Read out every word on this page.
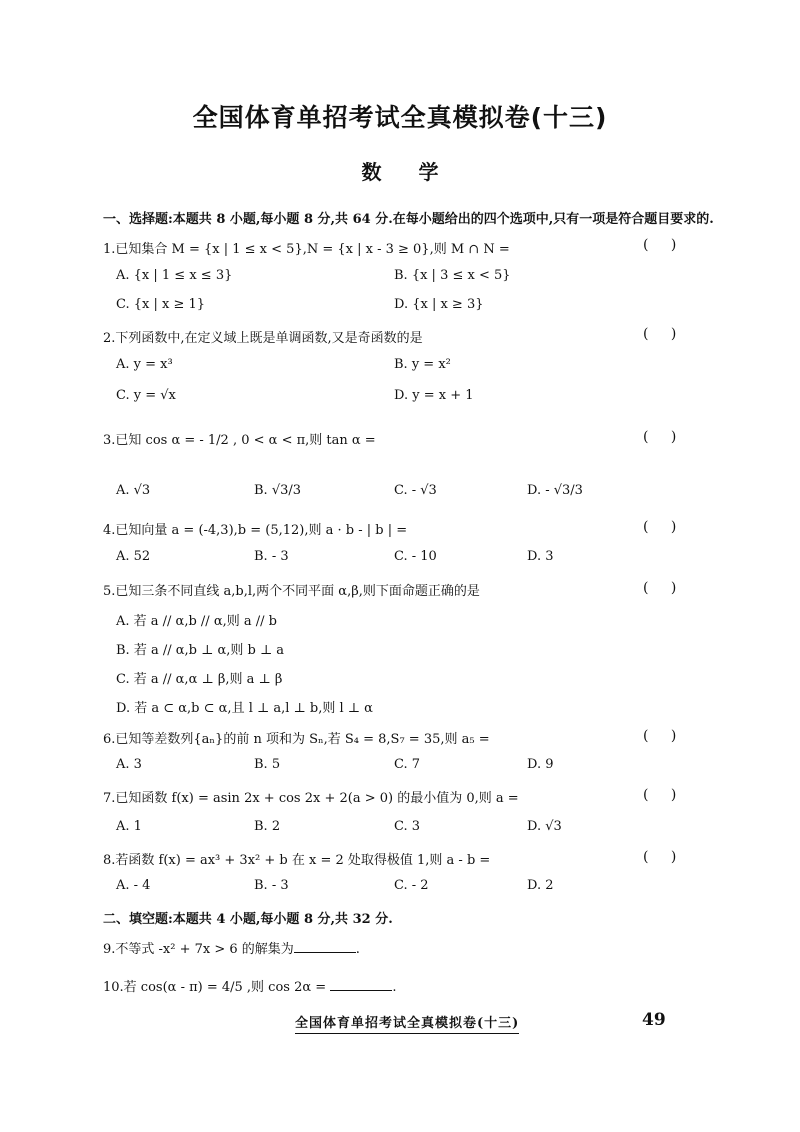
全国体育单招考试全真模拟卷(十三)
数 学
一、选择题:本题共 8 小题,每小题 8 分,共 64 分.在每小题给出的四个选项中,只有一项是符合题目要求的.
1.已知集合 M = {x | 1 ≤ x < 5},N = {x | x - 3 ≥ 0},则 M ∩ N =	( )
A. {x | 1 ≤ x ≤ 3}	B. {x | 3 ≤ x < 5}
C. {x | x ≥ 1}	D. {x | x ≥ 3}
2.下列函数中,在定义域上既是单调函数,又是奇函数的是	( )
A. y = x³	B. y = x²
C. y = √x	D. y = x + 1
3.已知 cos α = - 1/2 , 0 < α < π,则 tan α =	( )
A. √3	B. √3/3	C. - √3	D. - √3/3
4.已知向量 a = (-4,3),b = (5,12),则 a · b - | b | =	( )
A. 52	B. - 3	C. - 10	D. 3
5.已知三条不同直线 a,b,l,两个不同平面 α,β,则下面命题正确的是	( )
A. 若 a // α,b // α,则 a // b
B. 若 a // α,b ⊥ α,则 b ⊥ a
C. 若 a // α,α ⊥ β,则 a ⊥ β
D. 若 a ⊂ α,b ⊂ α,且 l ⊥ a,l ⊥ b,则 l ⊥ α
6.已知等差数列{aₙ}的前 n 项和为 Sₙ,若 S₄ = 8,S₇ = 35,则 a₅ =	( )
A. 3	B. 5	C. 7	D. 9
7.已知函数 f(x) = asin 2x + cos 2x + 2(a > 0) 的最小值为 0,则 a =	( )
A. 1	B. 2	C. 3	D. √3
8.若函数 f(x) = ax³ + 3x² + b 在 x = 2 处取得极值 1,则 a - b =	( )
A. - 4	B. - 3	C. - 2	D. 2
二、填空题:本题共 4 小题,每小题 8 分,共 32 分.
9.不等式 -x² + 7x > 6 的解集为	.
10.若 cos(α - π) = 4/5 ,则 cos 2α =	.
全国体育单招考试全真模拟卷(十三)	49
